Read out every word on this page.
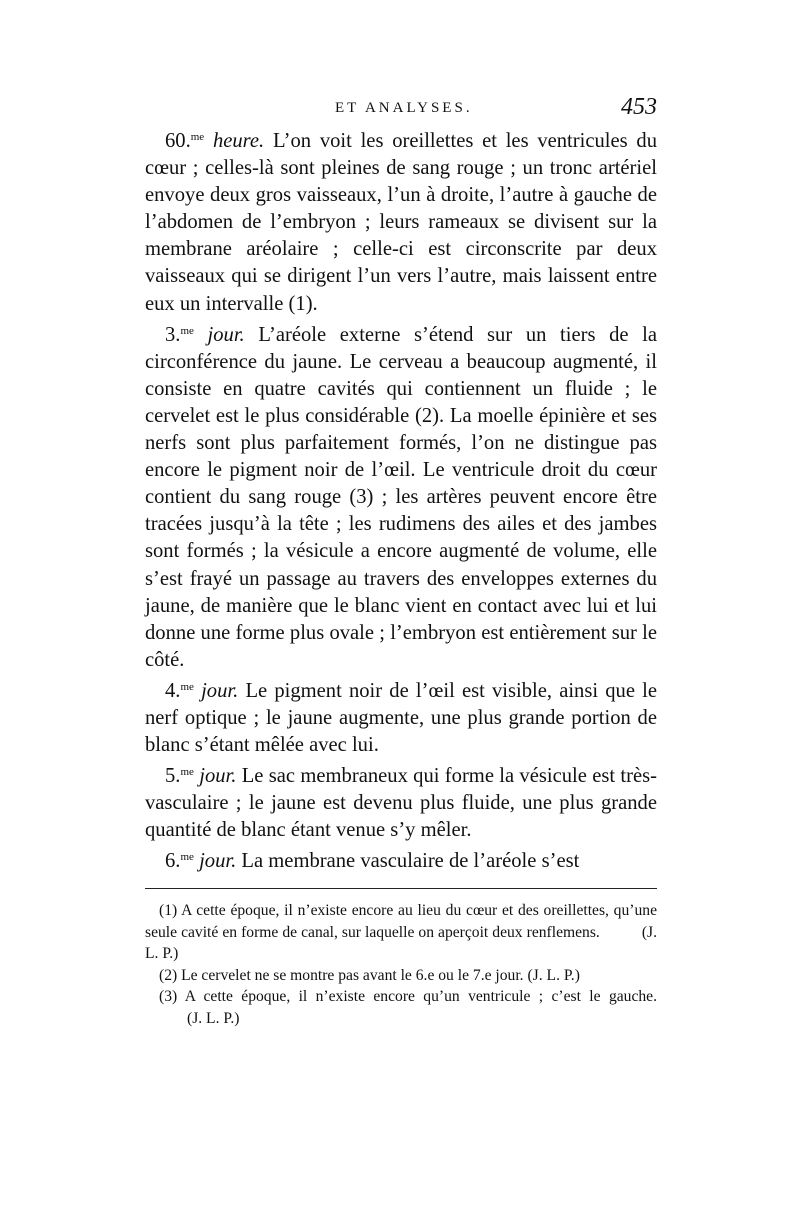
ET ANALYSES.	453

60.$^{me}$ heure. L’on voit les oreillettes et les ventricules du cœur ; celles-là sont pleines de sang rouge ; un tronc artériel envoye deux gros vaisseaux, l’un à droite, l’autre à gauche de l’abdomen de l’embryon ; leurs rameaux se divisent sur la membrane aréolaire ; celle-ci est circonscrite par deux vaisseaux qui se dirigent l’un vers l’autre, mais laissent entre eux un intervalle (1).

3.$^{me}$ jour. L’aréole externe s’étend sur un tiers de la circonférence du jaune. Le cerveau a beaucoup augmenté, il consiste en quatre cavités qui contiennent un fluide ; le cervelet est le plus considérable (2). La moelle épinière et ses nerfs sont plus parfaitement formés, l’on ne distingue pas encore le pigment noir de l’œil. Le ventricule droit du cœur contient du sang rouge (3) ; les artères peuvent encore être tracées jusqu’à la tête ; les rudimens des ailes et des jambes sont formés ; la vésicule a encore augmenté de volume, elle s’est frayé un passage au travers des enveloppes externes du jaune, de manière que le blanc vient en contact avec lui et lui donne une forme plus ovale ; l’embryon est entièrement sur le côté.

4.$^{me}$ jour. Le pigment noir de l’œil est visible, ainsi que le nerf optique ; le jaune augmente, une plus grande portion de blanc s’étant mêlée avec lui.

5.$^{me}$ jour. Le sac membraneux qui forme la vésicule est très-vasculaire ; le jaune est devenu plus fluide, une plus grande quantité de blanc étant venue s’y mêler.

6.$^{me}$ jour. La membrane vasculaire de l’aréole s’est

(1) A cette époque, il n’existe encore au lieu du cœur et des oreillettes, qu’une seule cavité en forme de canal, sur laquelle on aperçoit deux renflemens.	(J. L. P.)

(2) Le cervelet ne se montre pas avant le 6.e ou le 7.e jour. (J. L. P.)

(3) A cette époque, il n’existe encore qu’un ventricule ; c’est le gauche. (J. L. P.)
